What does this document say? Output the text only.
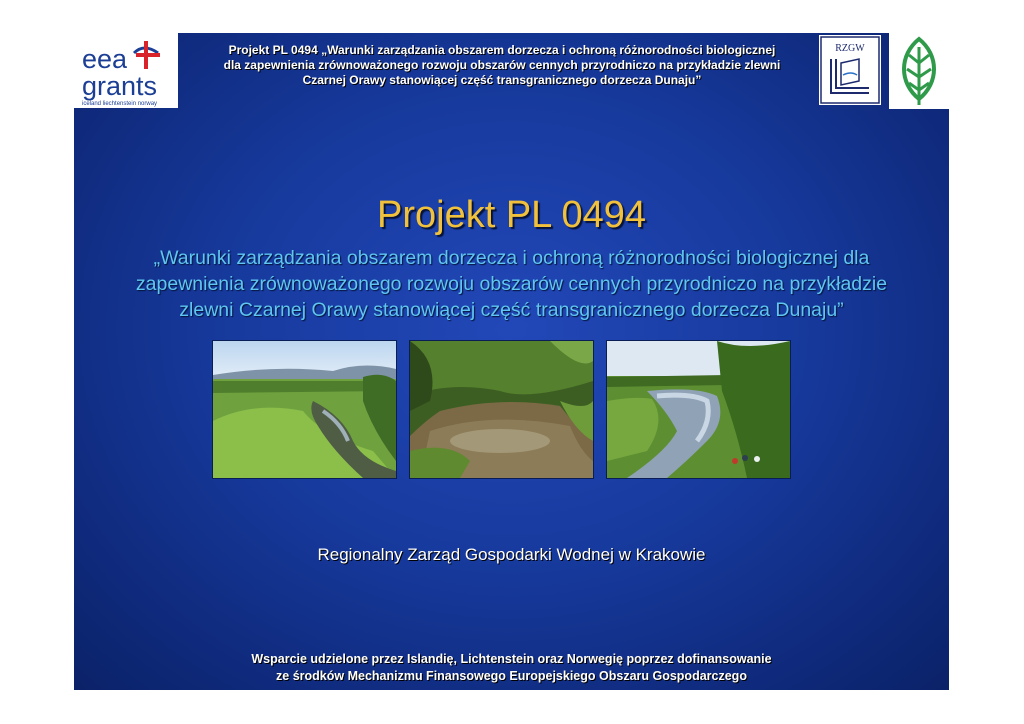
eea
grants
iceland liechtenstein norway
Projekt PL 0494 „Warunki zarządzania obszarem dorzecza i ochroną różnorodności biologicznej
dla zapewnienia zrównoważonego rozwoju obszarów cennych przyrodniczo na przykładzie zlewni
Czarnej Orawy stanowiącej część transgranicznego dorzecza Dunaju”
RZGW
Projekt PL 0494
„Warunki zarządzania obszarem dorzecza i ochroną różnorodności biologicznej dla
zapewnienia zrównoważonego rozwoju obszarów cennych przyrodniczo na przykładzie
zlewni Czarnej Orawy stanowiącej część transgranicznego dorzecza Dunaju”
Regionalny Zarząd Gospodarki Wodnej w Krakowie
Wsparcie udzielone przez Islandię, Lichtenstein oraz Norwegię poprzez dofinansowanie
ze środków Mechanizmu Finansowego Europejskiego Obszaru Gospodarczego
